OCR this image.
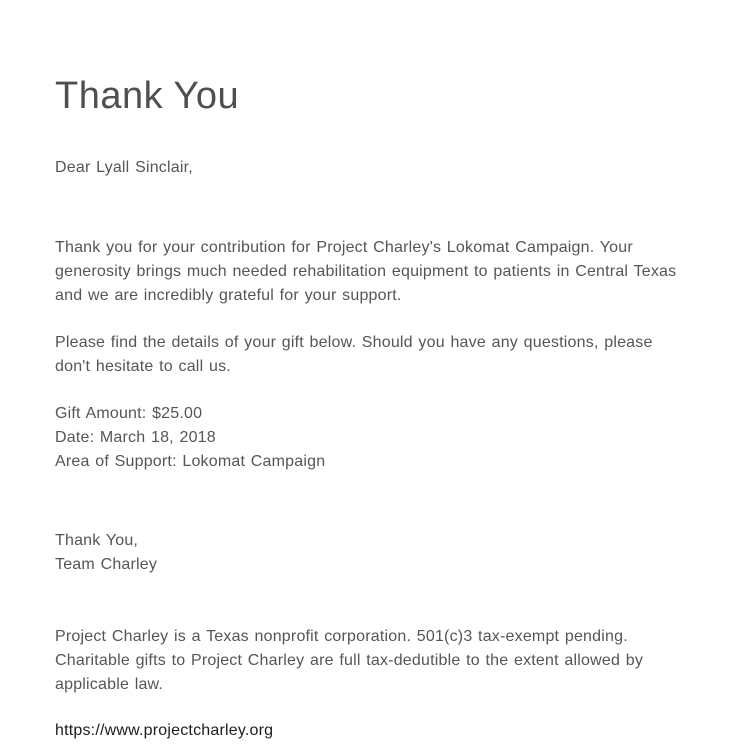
Thank You

Dear Lyall Sinclair,

Thank you for your contribution for Project Charley's Lokomat Campaign. Your generosity brings much needed rehabilitation equipment to patients in Central Texas and we are incredibly grateful for your support.

Please find the details of your gift below. Should you have any questions, please don't hesitate to call us.

Gift Amount: $25.00

Date: March 18, 2018

Area of Support: Lokomat Campaign

Thank You,

Team Charley

Project Charley is a Texas nonprofit corporation. 501(c)3 tax-exempt pending. Charitable gifts to Project Charley are full tax-dedutible to the extent allowed by applicable law.

https://www.projectcharley.org
